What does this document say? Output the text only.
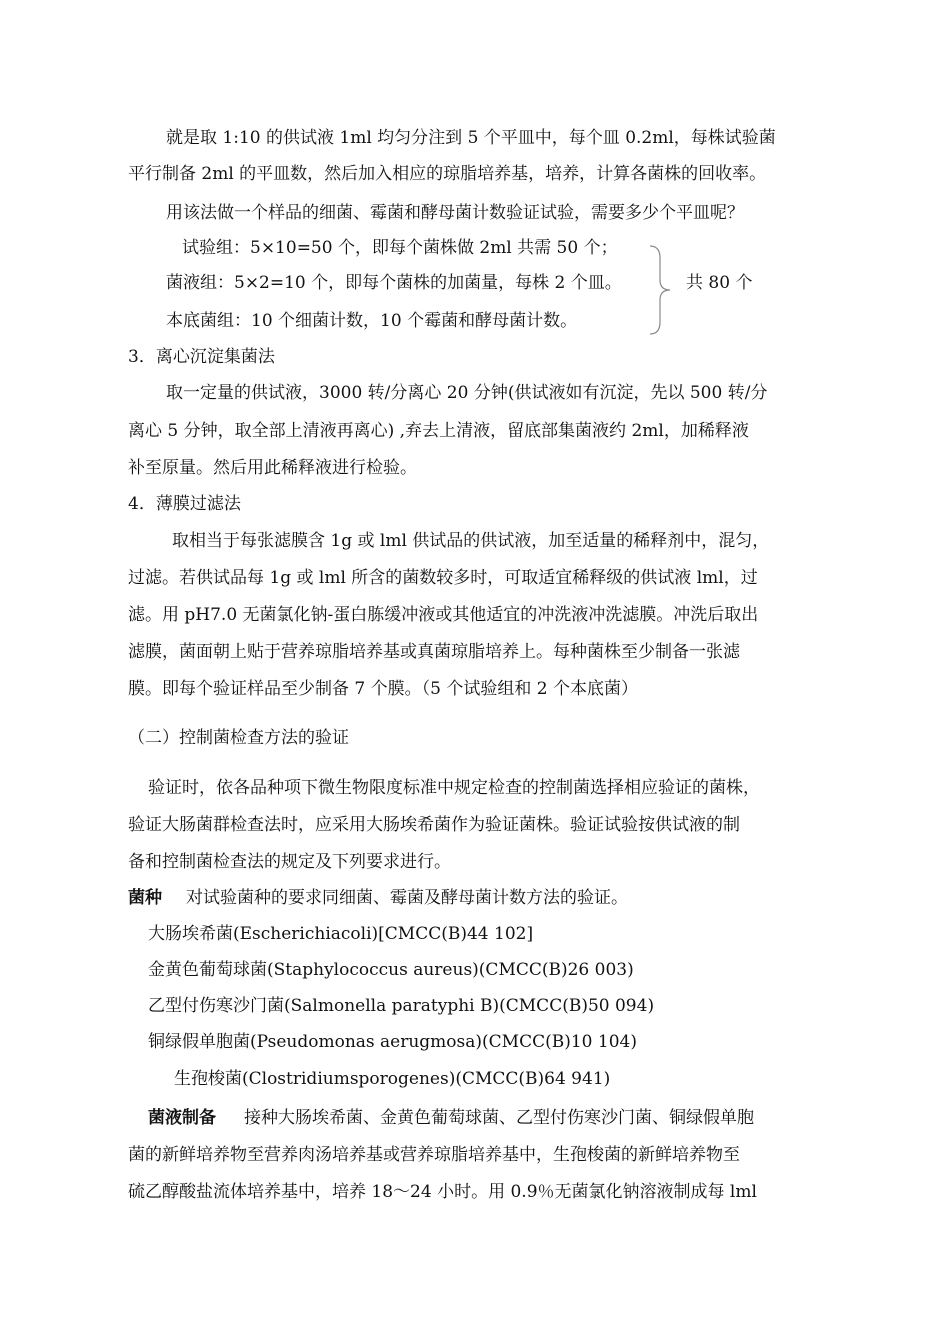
就是取 1:10 的供试液 1ml 均匀分注到 5 个平皿中，每个皿 0.2ml，每株试验菌
平行制备 2ml 的平皿数，然后加入相应的琼脂培养基，培养，计算各菌株的回收率。
用该法做一个样品的细菌、霉菌和酵母菌计数验证试验，需要多少个平皿呢？
试验组：5×10=50 个，即每个菌株做 2ml 共需 50 个；
菌液组：5×2=10 个，即每个菌株的加菌量，每株 2 个皿。
本底菌组：10 个细菌计数，10 个霉菌和酵母菌计数。
共 80 个
3．离心沉淀集菌法
取一定量的供试液，3000 转/分离心 20 分钟(供试液如有沉淀，先以 500 转/分
离心 5 分钟，取全部上清液再离心) ,弃去上清液，留底部集菌液约 2ml，加稀释液
补至原量。然后用此稀释液进行检验。
4．薄膜过滤法
取相当于每张滤膜含 1g 或 lml 供试品的供试液，加至适量的稀释剂中，混匀，
过滤。若供试品每 1g 或 lml 所含的菌数较多时，可取适宜稀释级的供试液 lml，过
滤。用 pH7.0 无菌氯化钠-蛋白胨缓冲液或其他适宜的冲洗液冲洗滤膜。冲洗后取出
滤膜，菌面朝上贴于营养琼脂培养基或真菌琼脂培养上。每种菌株至少制备一张滤
膜。即每个验证样品至少制备 7 个膜。（5 个试验组和 2 个本底菌）
（二）控制菌检查方法的验证
验证时，依各品种项下微生物限度标准中规定检查的控制菌选择相应验证的菌株，
验证大肠菌群检查法时，应采用大肠埃希菌作为验证菌株。验证试验按供试液的制
备和控制菌检查法的规定及下列要求进行。
菌种 对试验菌种的要求同细菌、霉菌及酵母菌计数方法的验证。
大肠埃希菌(Escherichiacoli)[CMCC(B)44 102]
金黄色葡萄球菌(Staphylococcus aureus)(CMCC(B)26 003)
乙型付伤寒沙门菌(Salmonella paratyphi B)(CMCC(B)50 094)
铜绿假单胞菌(Pseudomonas aerugmosa)(CMCC(B)10 104)
生孢梭菌(Clostridiumsporogenes)(CMCC(B)64 941)
菌液制备 接种大肠埃希菌、金黄色葡萄球菌、乙型付伤寒沙门菌、铜绿假单胞
菌的新鲜培养物至营养肉汤培养基或营养琼脂培养基中，生孢梭菌的新鲜培养物至
硫乙醇酸盐流体培养基中，培养 18～24 小时。用 0.9％无菌氯化钠溶液制成每 lml
